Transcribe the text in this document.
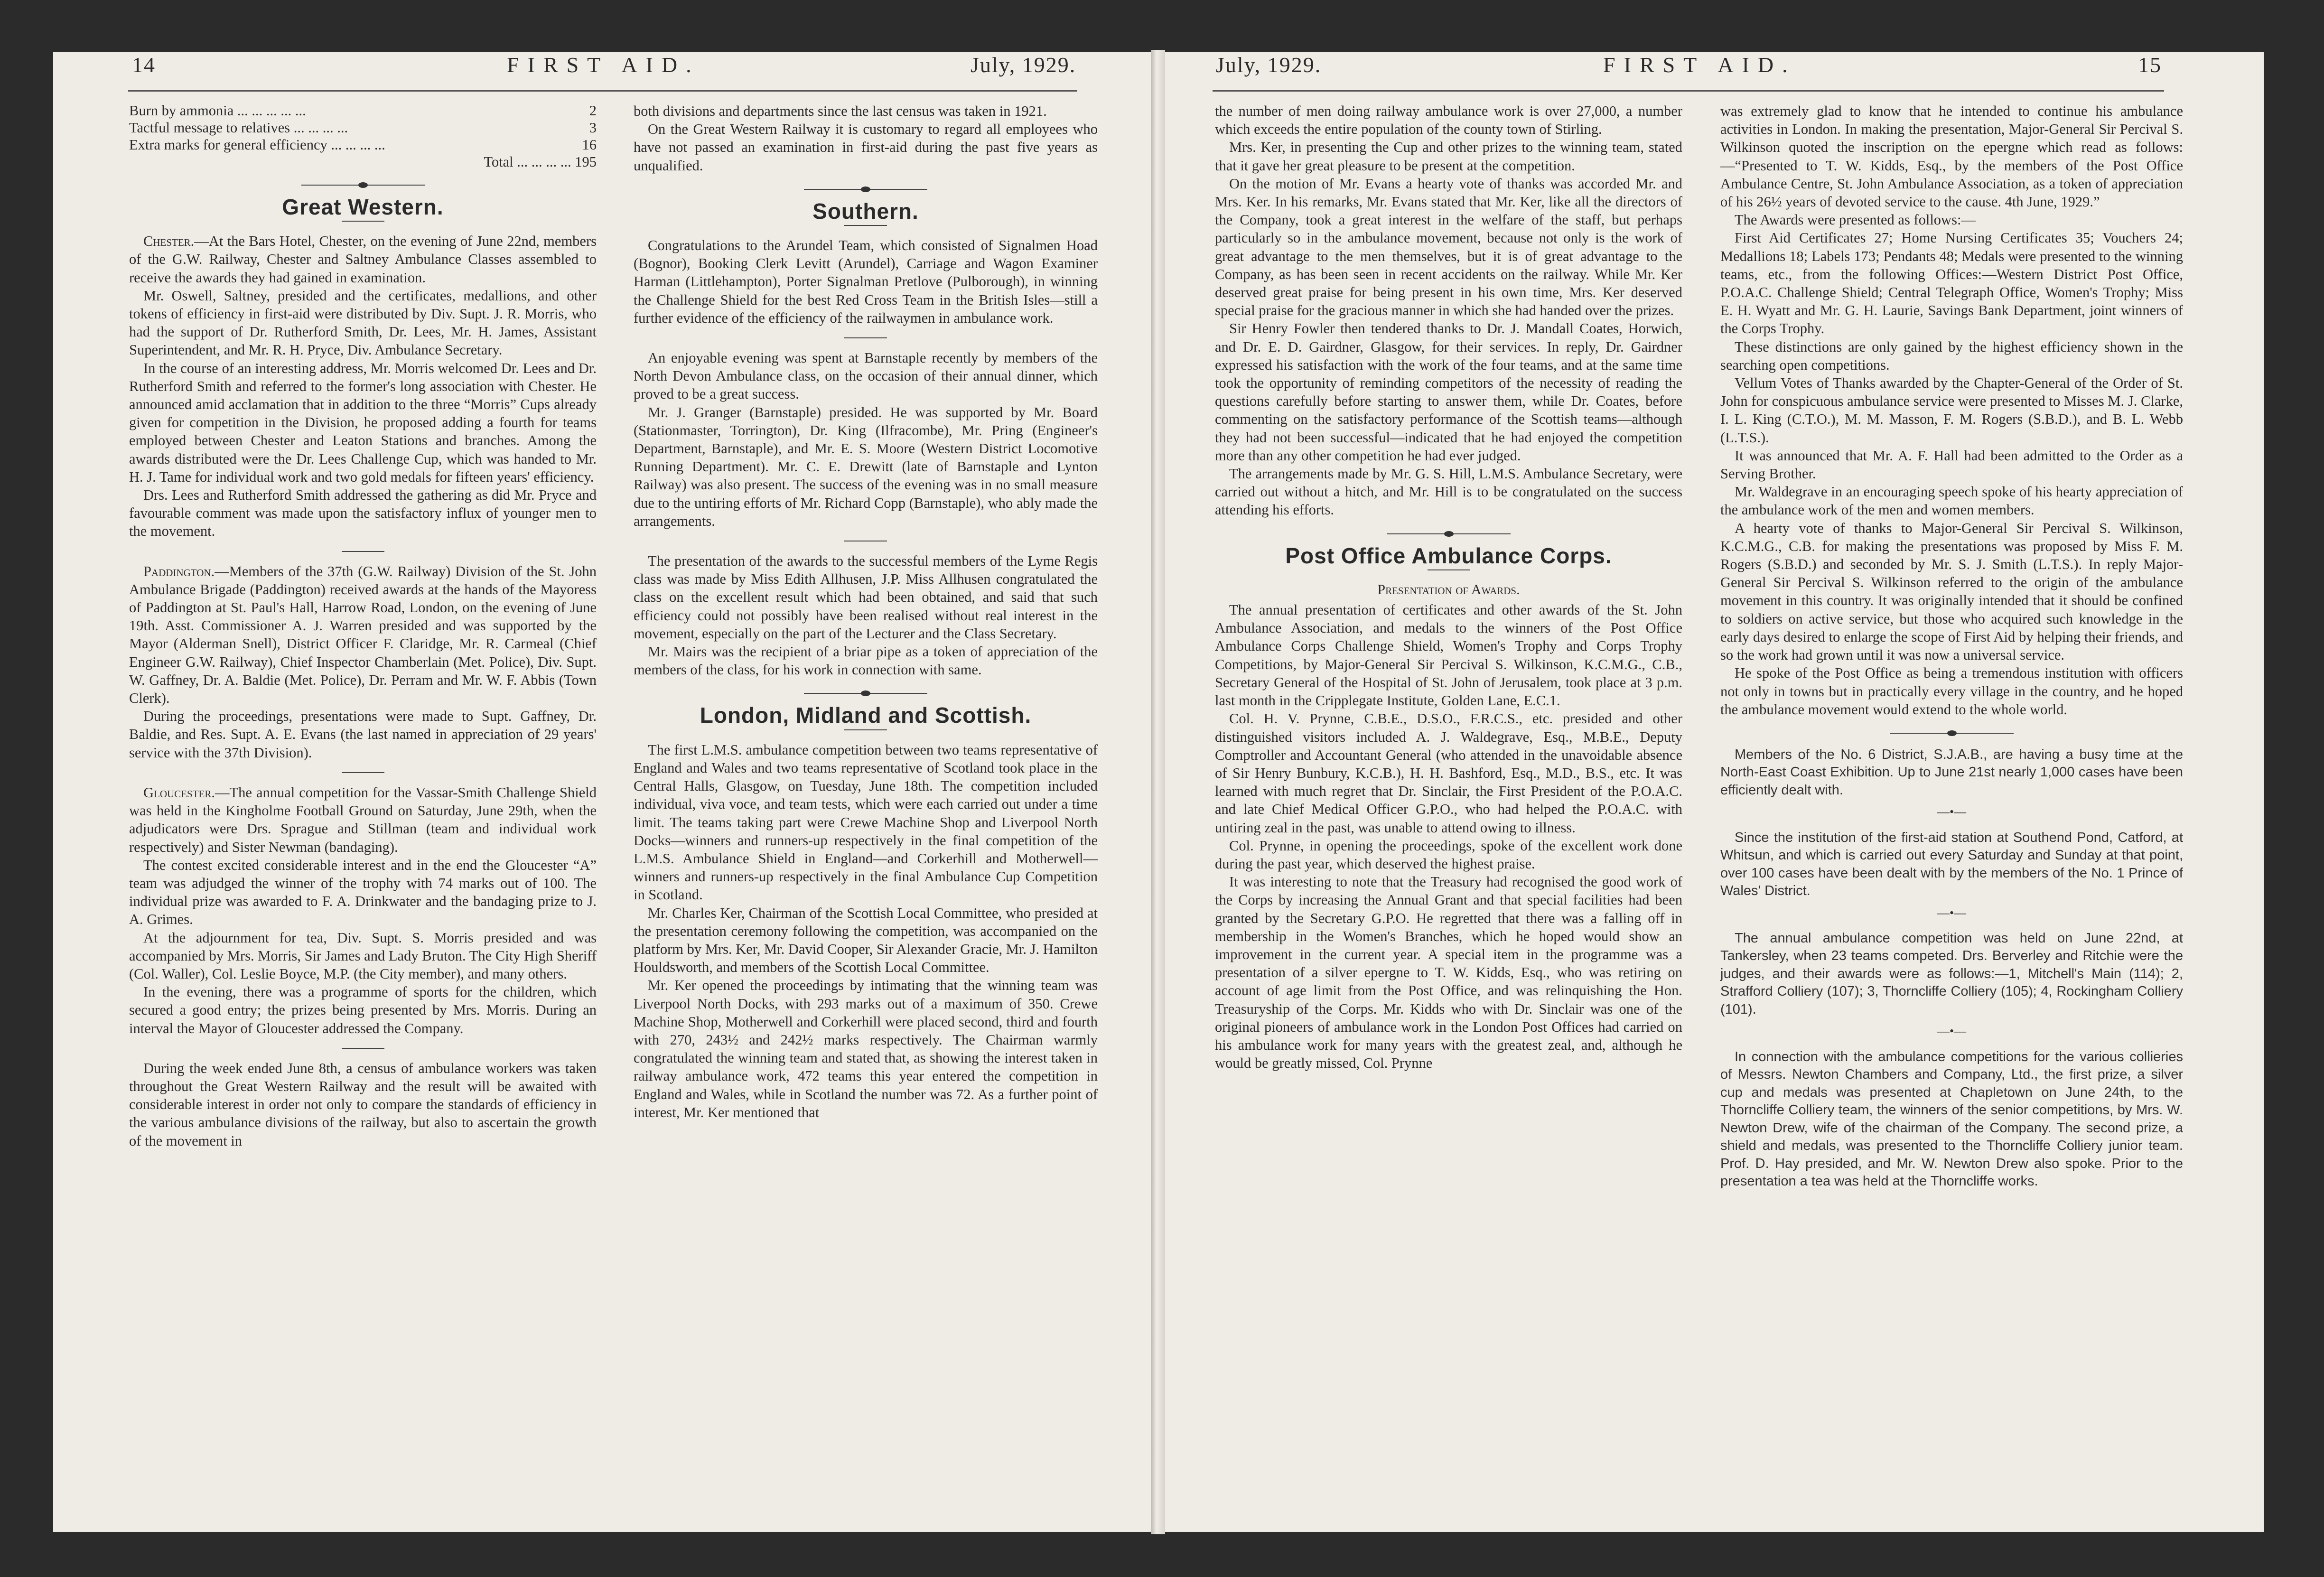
14	FIRST AID.	July, 1929.
Burn by ammonia ... ... ... ... ...	2
Tactful message to relatives ... ... ... ...	3
Extra marks for general efficiency ... ... ... ...	16
Total ... ... ... ... 195
Great Western.

Chester.—At the Bars Hotel, Chester, on the evening of June 22nd, members of the G.W. Railway, Chester and Saltney Ambulance Classes assembled to receive the awards they had gained in examination.

Mr. Oswell, Saltney, presided and the certificates, medallions, and other tokens of efficiency in first-aid were distributed by Div. Supt. J. R. Morris, who had the support of Dr. Rutherford Smith, Dr. Lees, Mr. H. James, Assistant Superintendent, and Mr. R. H. Pryce, Div. Ambulance Secretary.

In the course of an interesting address, Mr. Morris welcomed Dr. Lees and Dr. Rutherford Smith and referred to the former's long association with Chester. He announced amid acclamation that in addition to the three “Morris” Cups already given for competition in the Division, he proposed adding a fourth for teams employed between Chester and Leaton Stations and branches. Among the awards distributed were the Dr. Lees Challenge Cup, which was handed to Mr. H. J. Tame for individual work and two gold medals for fifteen years' efficiency.

Drs. Lees and Rutherford Smith addressed the gathering as did Mr. Pryce and favourable comment was made upon the satisfactory influx of younger men to the movement.

Paddington.—Members of the 37th (G.W. Railway) Division of the St. John Ambulance Brigade (Paddington) received awards at the hands of the Mayoress of Paddington at St. Paul's Hall, Harrow Road, London, on the evening of June 19th. Asst. Commissioner A. J. Warren presided and was supported by the Mayor (Alderman Snell), District Officer F. Claridge, Mr. R. Carmeal (Chief Engineer G.W. Railway), Chief Inspector Chamberlain (Met. Police), Div. Supt. W. Gaffney, Dr. A. Baldie (Met. Police), Dr. Perram and Mr. W. F. Abbis (Town Clerk).

During the proceedings, presentations were made to Supt. Gaffney, Dr. Baldie, and Res. Supt. A. E. Evans (the last named in appreciation of 29 years' service with the 37th Division).

Gloucester.—The annual competition for the Vassar-Smith Challenge Shield was held in the Kingholme Football Ground on Saturday, June 29th, when the adjudicators were Drs. Sprague and Stillman (team and individual work respectively) and Sister Newman (bandaging).

The contest excited considerable interest and in the end the Gloucester “A” team was adjudged the winner of the trophy with 74 marks out of 100. The individual prize was awarded to F. A. Drinkwater and the bandaging prize to J. A. Grimes.

At the adjournment for tea, Div. Supt. S. Morris presided and was accompanied by Mrs. Morris, Sir James and Lady Bruton. The City High Sheriff (Col. Waller), Col. Leslie Boyce, M.P. (the City member), and many others.

In the evening, there was a programme of sports for the children, which secured a good entry; the prizes being presented by Mrs. Morris. During an interval the Mayor of Gloucester addressed the Company.

During the week ended June 8th, a census of ambulance workers was taken throughout the Great Western Railway and the result will be awaited with considerable interest in order not only to compare the standards of efficiency in the various ambulance divisions of the railway, but also to ascertain the growth of the movement in

both divisions and departments since the last census was taken in 1921.

On the Great Western Railway it is customary to regard all employees who have not passed an examination in first-aid during the past five years as unqualified.

Southern.

Congratulations to the Arundel Team, which consisted of Signalmen Hoad (Bognor), Booking Clerk Levitt (Arundel), Carriage and Wagon Examiner Harman (Littlehampton), Porter Signalman Pretlove (Pulborough), in winning the Challenge Shield for the best Red Cross Team in the British Isles—still a further evidence of the efficiency of the railwaymen in ambulance work.

An enjoyable evening was spent at Barnstaple recently by members of the North Devon Ambulance class, on the occasion of their annual dinner, which proved to be a great success.

Mr. J. Granger (Barnstaple) presided. He was supported by Mr. Board (Stationmaster, Torrington), Dr. King (Ilfracombe), Mr. Pring (Engineer's Department, Barnstaple), and Mr. E. S. Moore (Western District Locomotive Running Department). Mr. C. E. Drewitt (late of Barnstaple and Lynton Railway) was also present. The success of the evening was in no small measure due to the untiring efforts of Mr. Richard Copp (Barnstaple), who ably made the arrangements.

The presentation of the awards to the successful members of the Lyme Regis class was made by Miss Edith Allhusen, J.P. Miss Allhusen congratulated the class on the excellent result which had been obtained, and said that such efficiency could not possibly have been realised without real interest in the movement, especially on the part of the Lecturer and the Class Secretary.

Mr. Mairs was the recipient of a briar pipe as a token of appreciation of the members of the class, for his work in connection with same.

London, Midland and Scottish.

The first L.M.S. ambulance competition between two teams representative of England and Wales and two teams representative of Scotland took place in the Central Halls, Glasgow, on Tuesday, June 18th. The competition included individual, viva voce, and team tests, which were each carried out under a time limit. The teams taking part were Crewe Machine Shop and Liverpool North Docks—winners and runners-up respectively in the final competition of the L.M.S. Ambulance Shield in England—and Corkerhill and Motherwell—winners and runners-up respectively in the final Ambulance Cup Competition in Scotland.

Mr. Charles Ker, Chairman of the Scottish Local Committee, who presided at the presentation ceremony following the competition, was accompanied on the platform by Mrs. Ker, Mr. David Cooper, Sir Alexander Gracie, Mr. J. Hamilton Houldsworth, and members of the Scottish Local Committee.

Mr. Ker opened the proceedings by intimating that the winning team was Liverpool North Docks, with 293 marks out of a maximum of 350. Crewe Machine Shop, Motherwell and Corkerhill were placed second, third and fourth with 270, 243½ and 242½ marks respectively. The Chairman warmly congratulated the winning team and stated that, as showing the interest taken in railway ambulance work, 472 teams this year entered the competition in England and Wales, while in Scotland the number was 72. As a further point of interest, Mr. Ker mentioned that

July, 1929.	FIRST AID.	15

the number of men doing railway ambulance work is over 27,000, a number which exceeds the entire population of the county town of Stirling.

Mrs. Ker, in presenting the Cup and other prizes to the winning team, stated that it gave her great pleasure to be present at the competition.

On the motion of Mr. Evans a hearty vote of thanks was accorded Mr. and Mrs. Ker. In his remarks, Mr. Evans stated that Mr. Ker, like all the directors of the Company, took a great interest in the welfare of the staff, but perhaps particularly so in the ambulance movement, because not only is the work of great advantage to the men themselves, but it is of great advantage to the Company, as has been seen in recent accidents on the railway. While Mr. Ker deserved great praise for being present in his own time, Mrs. Ker deserved special praise for the gracious manner in which she had handed over the prizes.

Sir Henry Fowler then tendered thanks to Dr. J. Mandall Coates, Horwich, and Dr. E. D. Gairdner, Glasgow, for their services. In reply, Dr. Gairdner expressed his satisfaction with the work of the four teams, and at the same time took the opportunity of reminding competitors of the necessity of reading the questions carefully before starting to answer them, while Dr. Coates, before commenting on the satisfactory performance of the Scottish teams—although they had not been successful—indicated that he had enjoyed the competition more than any other competition he had ever judged.

The arrangements made by Mr. G. S. Hill, L.M.S. Ambulance Secretary, were carried out without a hitch, and Mr. Hill is to be congratulated on the success attending his efforts.

Post Office Ambulance Corps.
Presentation of Awards.

The annual presentation of certificates and other awards of the St. John Ambulance Association, and medals to the winners of the Post Office Ambulance Corps Challenge Shield, Women's Trophy and Corps Trophy Competitions, by Major-General Sir Percival S. Wilkinson, K.C.M.G., C.B., Secretary General of the Hospital of St. John of Jerusalem, took place at 3 p.m. last month in the Cripplegate Institute, Golden Lane, E.C.1.

Col. H. V. Prynne, C.B.E., D.S.O., F.R.C.S., etc. presided and other distinguished visitors included A. J. Waldegrave, Esq., M.B.E., Deputy Comptroller and Accountant General (who attended in the unavoidable absence of Sir Henry Bunbury, K.C.B.), H. H. Bashford, Esq., M.D., B.S., etc. It was learned with much regret that Dr. Sinclair, the First President of the P.O.A.C. and late Chief Medical Officer G.P.O., who had helped the P.O.A.C. with untiring zeal in the past, was unable to attend owing to illness.

Col. Prynne, in opening the proceedings, spoke of the excellent work done during the past year, which deserved the highest praise.

It was interesting to note that the Treasury had recognised the good work of the Corps by increasing the Annual Grant and that special facilities had been granted by the Secretary G.P.O. He regretted that there was a falling off in membership in the Women's Branches, which he hoped would show an improvement in the current year. A special item in the programme was a presentation of a silver epergne to T. W. Kidds, Esq., who was retiring on account of age limit from the Post Office, and was relinquishing the Hon. Treasuryship of the Corps. Mr. Kidds who with Dr. Sinclair was one of the original pioneers of ambulance work in the London Post Offices had carried on his ambulance work for many years with the greatest zeal, and, although he would be greatly missed, Col. Prynne

was extremely glad to know that he intended to continue his ambulance activities in London. In making the presentation, Major-General Sir Percival S. Wilkinson quoted the inscription on the epergne which read as follows:—“Presented to T. W. Kidds, Esq., by the members of the Post Office Ambulance Centre, St. John Ambulance Association, as a token of appreciation of his 26½ years of devoted service to the cause. 4th June, 1929.”

The Awards were presented as follows:—

First Aid Certificates 27; Home Nursing Certificates 35; Vouchers 24; Medallions 18; Labels 173; Pendants 48; Medals were presented to the winning teams, etc., from the following Offices:—Western District Post Office, P.O.A.C. Challenge Shield; Central Telegraph Office, Women's Trophy; Miss E. H. Wyatt and Mr. G. H. Laurie, Savings Bank Department, joint winners of the Corps Trophy.

These distinctions are only gained by the highest efficiency shown in the searching open competitions.

Vellum Votes of Thanks awarded by the Chapter-General of the Order of St. John for conspicuous ambulance service were presented to Misses M. J. Clarke, I. L. King (C.T.O.), M. M. Masson, F. M. Rogers (S.B.D.), and B. L. Webb (L.T.S.).

It was announced that Mr. A. F. Hall had been admitted to the Order as a Serving Brother.

Mr. Waldegrave in an encouraging speech spoke of his hearty appreciation of the ambulance work of the men and women members.

A hearty vote of thanks to Major-General Sir Percival S. Wilkinson, K.C.M.G., C.B. for making the presentations was proposed by Miss F. M. Rogers (S.B.D.) and seconded by Mr. S. J. Smith (L.T.S.). In reply Major-General Sir Percival S. Wilkinson referred to the origin of the ambulance movement in this country. It was originally intended that it should be confined to soldiers on active service, but those who acquired such knowledge in the early days desired to enlarge the scope of First Aid by helping their friends, and so the work had grown until it was now a universal service.

He spoke of the Post Office as being a tremendous institution with officers not only in towns but in practically every village in the country, and he hoped the ambulance movement would extend to the whole world.

Members of the No. 6 District, S.J.A.B., are having a busy time at the North-East Coast Exhibition. Up to June 21st nearly 1,000 cases have been efficiently dealt with.

—•—

Since the institution of the first-aid station at Southend Pond, Catford, at Whitsun, and which is carried out every Saturday and Sunday at that point, over 100 cases have been dealt with by the members of the No. 1 Prince of Wales' District.

—•—

The annual ambulance competition was held on June 22nd, at Tankersley, when 23 teams competed. Drs. Berverley and Ritchie were the judges, and their awards were as follows:—1, Mitchell's Main (114); 2, Strafford Colliery (107); 3, Thorncliffe Colliery (105); 4, Rockingham Colliery (101).

—•—

In connection with the ambulance competitions for the various collieries of Messrs. Newton Chambers and Company, Ltd., the first prize, a silver cup and medals was presented at Chapletown on June 24th, to the Thorncliffe Colliery team, the winners of the senior competitions, by Mrs. W. Newton Drew, wife of the chairman of the Company. The second prize, a shield and medals, was presented to the Thorncliffe Colliery junior team. Prof. D. Hay presided, and Mr. W. Newton Drew also spoke. Prior to the presentation a tea was held at the Thorncliffe works.
